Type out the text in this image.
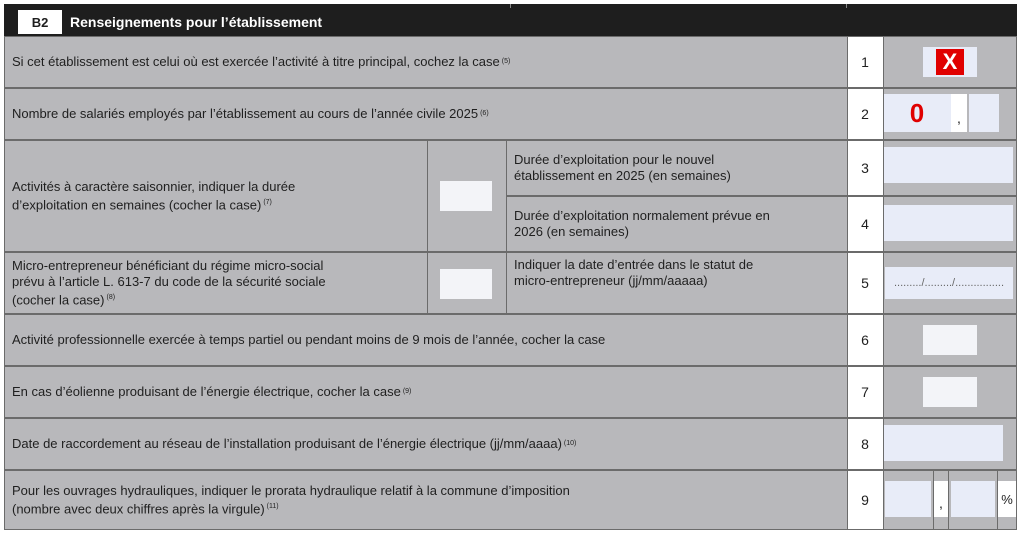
B2	Renseignements pour l’établissement
Si cet établissement est celui où est exercée l’activité à titre principal, cochez la case (5)	1	X
Nombre de salariés employés par l’établissement au cours de l’année civile 2025 (6)	2	0	,
Activités à caractère saisonnier, indiquer la durée
d’exploitation en semaines (cocher la case) $^{(7)}$
Durée d’exploitation pour le nouvel
établissement en 2025 (en semaines)	3
Durée d’exploitation normalement prévue en
2026 (en semaines)	4
Micro-entrepreneur bénéficiant du régime micro-social
prévu à l’article L. 613-7 du code de la sécurité sociale
(cocher la case) $^{(8)}$
Indiquer la date d’entrée dans le statut de
micro-entrepreneur (jj/mm/aaaaa)	5	........./........./................
Activité professionnelle exercée à temps partiel ou pendant moins de 9 mois de l’année, cocher la case	6
En cas d’éolienne produisant de l’énergie électrique, cocher la case (9)	7
Date de raccordement au réseau de l’installation produisant de l’énergie électrique (jj/mm/aaaa) (10)	8
Pour les ouvrages hydrauliques, indiquer le prorata hydraulique relatif à la commune d’imposition
(nombre avec deux chiffres après la virgule) $^{(11)}$	9	,	%
